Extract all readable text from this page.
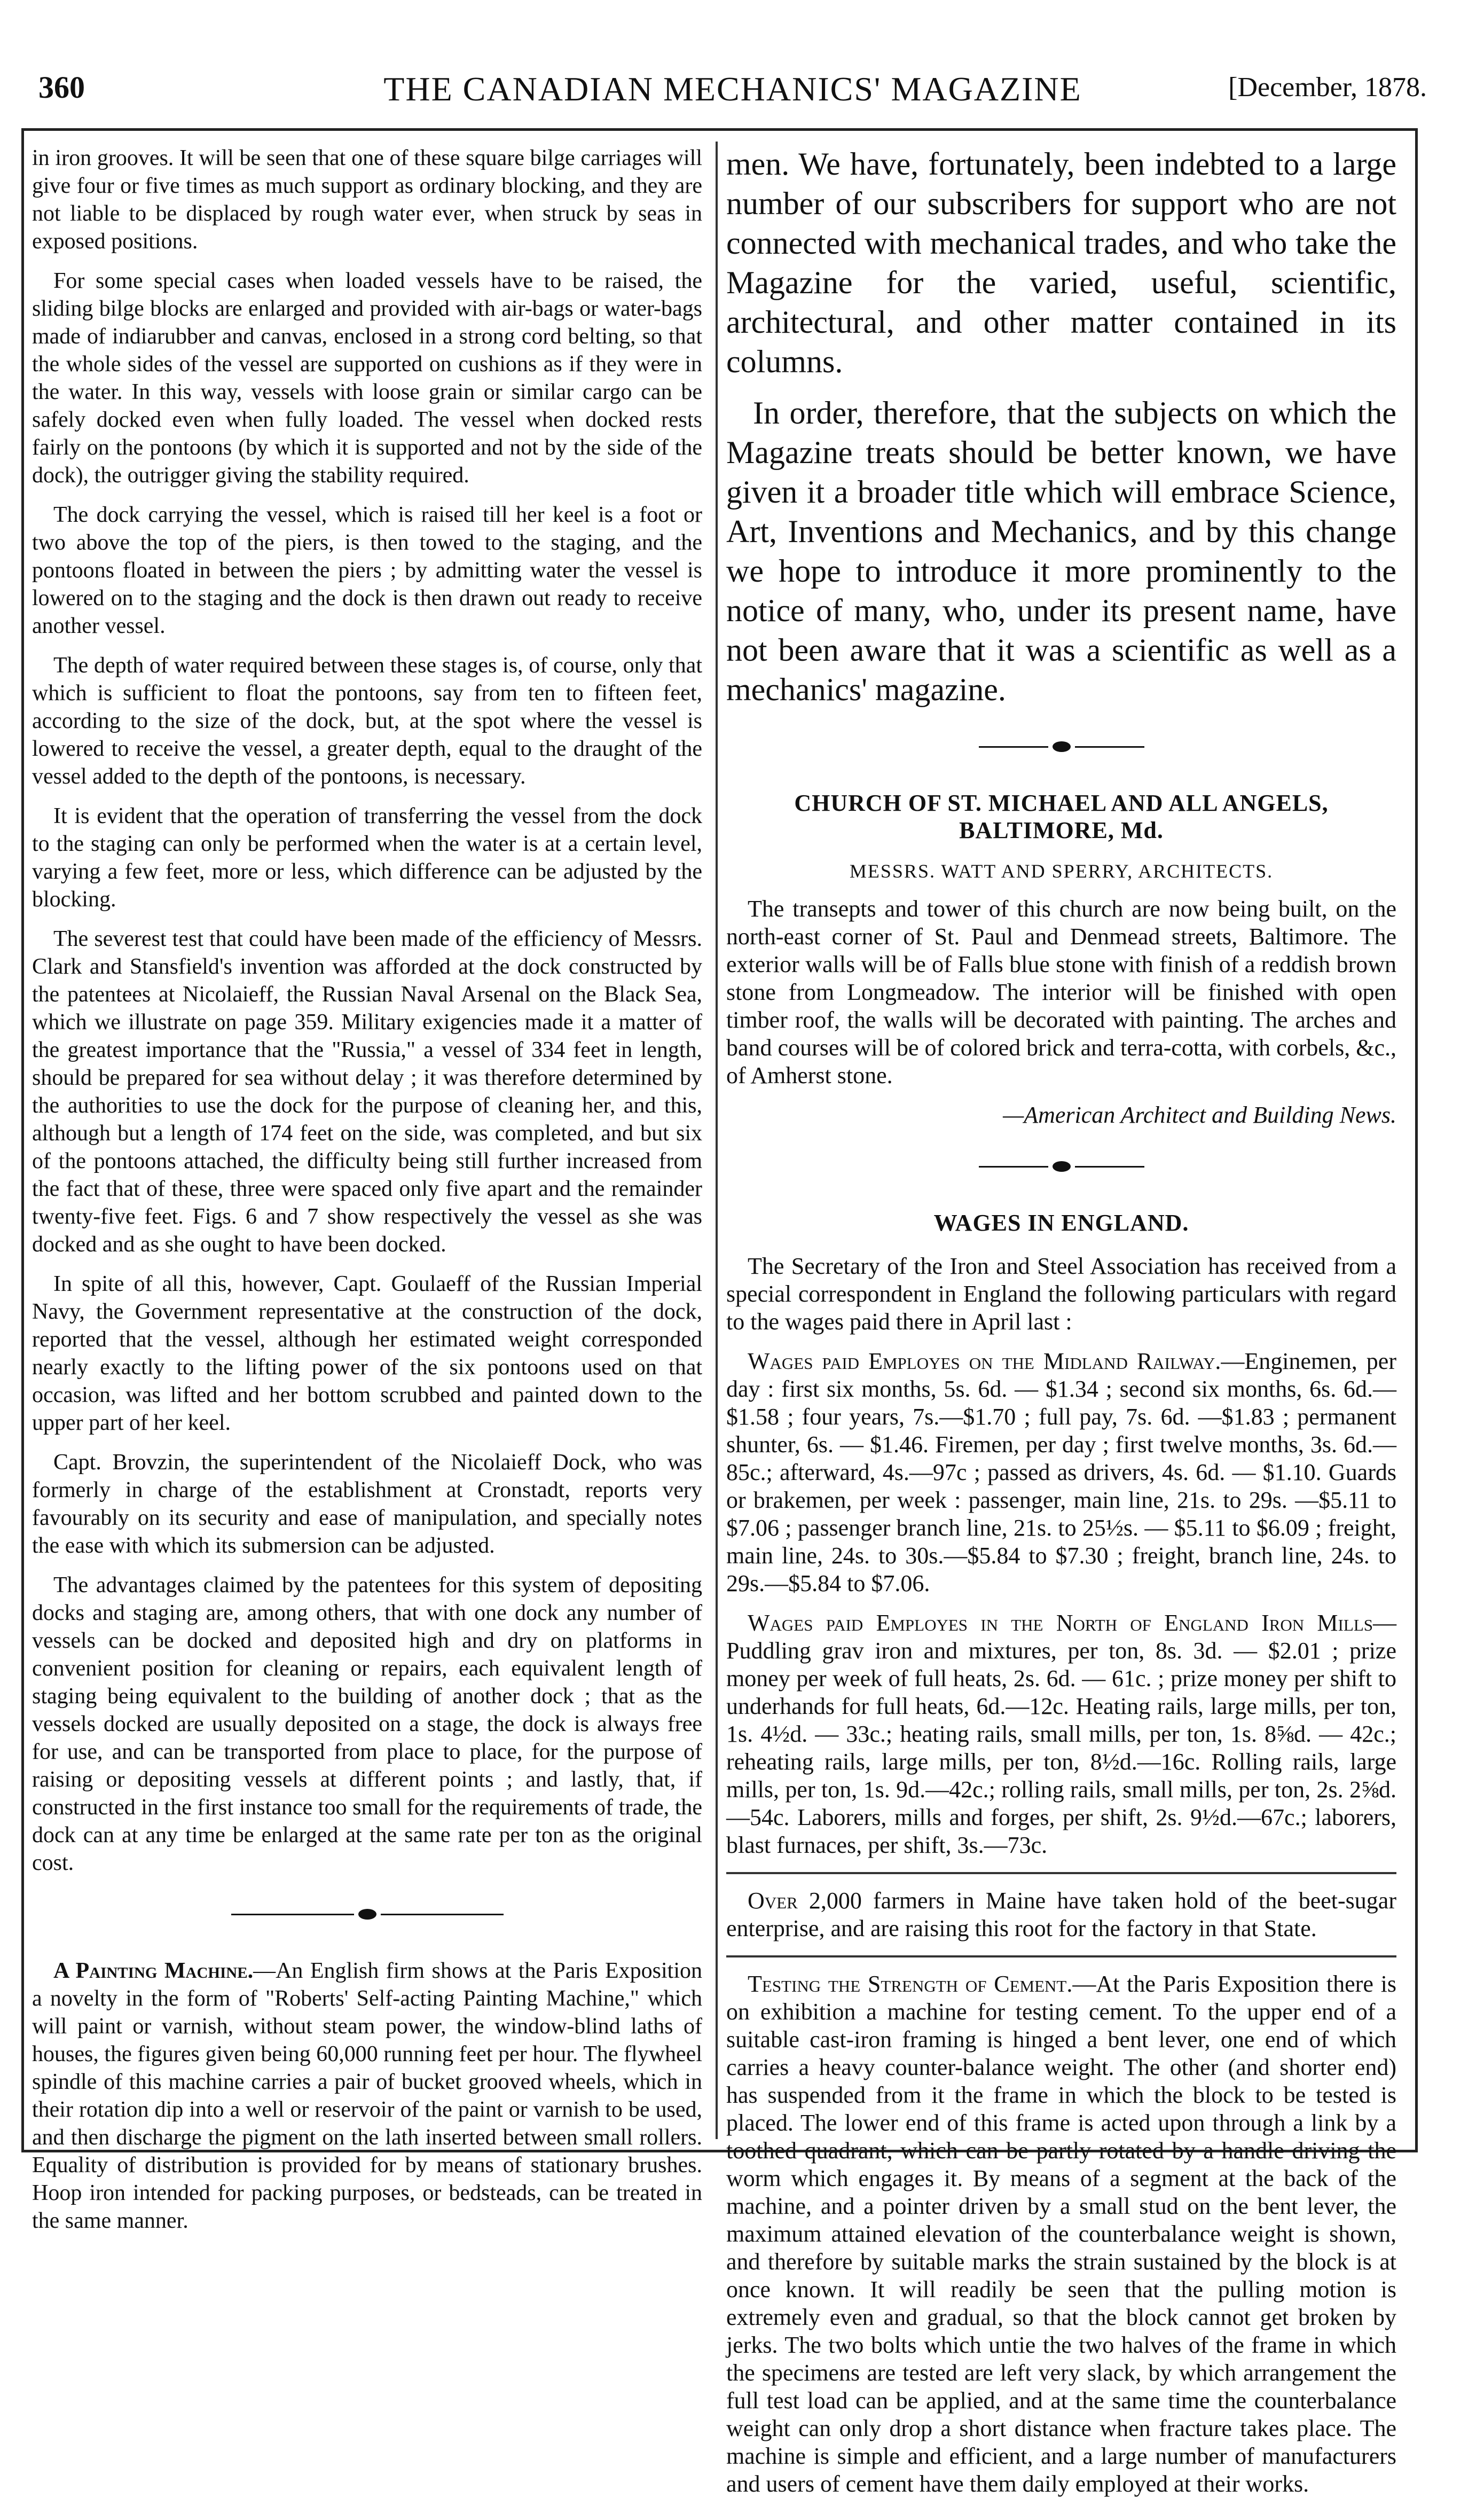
360	THE CANADIAN MECHANICS' MAGAZINE	[December, 1878.

in iron grooves. It will be seen that one of these square bilge carriages will give four or five times as much support as ordinary blocking, and they are not liable to be displaced by rough water ever, when struck by seas in exposed positions.

For some special cases when loaded vessels have to be raised, the sliding bilge blocks are enlarged and provided with air-bags or water-bags made of indiarubber and canvas, enclosed in a strong cord belting, so that the whole sides of the vessel are supported on cushions as if they were in the water. In this way, vessels with loose grain or similar cargo can be safely docked even when fully loaded. The vessel when docked rests fairly on the pontoons (by which it is supported and not by the side of the dock), the outrigger giving the stability required.

The dock carrying the vessel, which is raised till her keel is a foot or two above the top of the piers, is then towed to the staging, and the pontoons floated in between the piers ; by admitting water the vessel is lowered on to the staging and the dock is then drawn out ready to receive another vessel.

The depth of water required between these stages is, of course, only that which is sufficient to float the pontoons, say from ten to fifteen feet, according to the size of the dock, but, at the spot where the vessel is lowered to receive the vessel, a greater depth, equal to the draught of the vessel added to the depth of the pontoons, is necessary.

It is evident that the operation of transferring the vessel from the dock to the staging can only be performed when the water is at a certain level, varying a few feet, more or less, which difference can be adjusted by the blocking.

The severest test that could have been made of the efficiency of Messrs. Clark and Stansfield's invention was afforded at the dock constructed by the patentees at Nicolaieff, the Russian Naval Arsenal on the Black Sea, which we illustrate on page 359. Military exigencies made it a matter of the greatest importance that the "Russia," a vessel of 334 feet in length, should be prepared for sea without delay ; it was therefore determined by the authorities to use the dock for the purpose of cleaning her, and this, although but a length of 174 feet on the side, was completed, and but six of the pontoons attached, the difficulty being still further increased from the fact that of these, three were spaced only five apart and the remainder twenty-five feet. Figs. 6 and 7 show respectively the vessel as she was docked and as she ought to have been docked.

In spite of all this, however, Capt. Goulaeff of the Russian Imperial Navy, the Government representative at the construction of the dock, reported that the vessel, although her estimated weight corresponded nearly exactly to the lifting power of the six pontoons used on that occasion, was lifted and her bottom scrubbed and painted down to the upper part of her keel.

Capt. Brovzin, the superintendent of the Nicolaieff Dock, who was formerly in charge of the establishment at Cronstadt, reports very favourably on its security and ease of manipulation, and specially notes the ease with which its submersion can be adjusted.

The advantages claimed by the patentees for this system of depositing docks and staging are, among others, that with one dock any number of vessels can be docked and deposited high and dry on platforms in convenient position for cleaning or repairs, each equivalent length of staging being equivalent to the building of another dock ; that as the vessels docked are usually deposited on a stage, the dock is always free for use, and can be transported from place to place, for the purpose of raising or depositing vessels at different points ; and lastly, that, if constructed in the first instance too small for the requirements of trade, the dock can at any time be enlarged at the same rate per ton as the original cost.

A Painting Machine.—An English firm shows at the Paris Exposition a novelty in the form of "Roberts' Self-acting Painting Machine," which will paint or varnish, without steam power, the window-blind laths of houses, the figures given being 60,000 running feet per hour. The flywheel spindle of this machine carries a pair of bucket grooved wheels, which in their rotation dip into a well or reservoir of the paint or varnish to be used, and then discharge the pigment on the lath inserted between small rollers. Equality of distribution is provided for by means of stationary brushes. Hoop iron intended for packing purposes, or bedsteads, can be treated in the same manner.

men. We have, fortunately, been indebted to a large number of our subscribers for support who are not connected with mechanical trades, and who take the Magazine for the varied, useful, scientific, architectural, and other matter contained in its columns.

In order, therefore, that the subjects on which the Magazine treats should be better known, we have given it a broader title which will embrace Science, Art, Inventions and Mechanics, and by this change we hope to introduce it more prominently to the notice of many, who, under its present name, have not been aware that it was a scientific as well as a mechanics' magazine.

CHURCH OF ST. MICHAEL AND ALL ANGELS, BALTIMORE, Md.
MESSRS. WATT AND SPERRY, ARCHITECTS.

The transepts and tower of this church are now being built, on the north-east corner of St. Paul and Denmead streets, Baltimore. The exterior walls will be of Falls blue stone with finish of a reddish brown stone from Longmeadow. The interior will be finished with open timber roof, the walls will be decorated with painting. The arches and band courses will be of colored brick and terra-cotta, with corbels, &c., of Amherst stone.

—American Architect and Building News.

WAGES IN ENGLAND.

The Secretary of the Iron and Steel Association has received from a special correspondent in England the following particulars with regard to the wages paid there in April last :

Wages paid Employes on the Midland Railway.—Enginemen, per day : first six months, 5s. 6d. — $1.34 ; second six months, 6s. 6d.—$1.58 ; four years, 7s.—$1.70 ; full pay, 7s. 6d. —$1.83 ; permanent shunter, 6s. — $1.46. Firemen, per day ; first twelve months, 3s. 6d.—85c.; afterward, 4s.—97c ; passed as drivers, 4s. 6d. — $1.10. Guards or brakemen, per week : passenger, main line, 21s. to 29s. —$5.11 to $7.06 ; passenger branch line, 21s. to 25½s. — $5.11 to $6.09 ; freight, main line, 24s. to 30s.—$5.84 to $7.30 ; freight, branch line, 24s. to 29s.—$5.84 to $7.06.

Wages paid Employes in the North of England Iron Mills— Puddling grav iron and mixtures, per ton, 8s. 3d. — $2.01 ; prize money per week of full heats, 2s. 6d. — 61c. ; prize money per shift to underhands for full heats, 6d.—12c. Heating rails, large mills, per ton, 1s. 4½d. — 33c.; heating rails, small mills, per ton, 1s. 8⅝d. — 42c.; reheating rails, large mills, per ton, 8½d.—16c. Rolling rails, large mills, per ton, 1s. 9d.—42c.; rolling rails, small mills, per ton, 2s. 2⅝d.—54c. Laborers, mills and forges, per shift, 2s. 9½d.—67c.; laborers, blast furnaces, per shift, 3s.—73c.

Over 2,000 farmers in Maine have taken hold of the beet-sugar enterprise, and are raising this root for the factory in that State.

Testing the Strength of Cement.—At the Paris Exposition there is on exhibition a machine for testing cement. To the upper end of a suitable cast-iron framing is hinged a bent lever, one end of which carries a heavy counter-balance weight. The other (and shorter end) has suspended from it the frame in which the block to be tested is placed. The lower end of this frame is acted upon through a link by a toothed quadrant, which can be partly rotated by a handle driving the worm which engages it. By means of a segment at the back of the machine, and a pointer driven by a small stud on the bent lever, the maximum attained elevation of the counterbalance weight is shown, and therefore by suitable marks the strain sustained by the block is at once known. It will readily be seen that the pulling motion is extremely even and gradual, so that the block cannot get broken by jerks. The two bolts which untie the two halves of the frame in which the specimens are tested are left very slack, by which arrangement the full test load can be applied, and at the same time the counterbalance weight can only drop a short distance when fracture takes place. The machine is simple and efficient, and a large number of manufacturers and users of cement have them daily employed at their works.
